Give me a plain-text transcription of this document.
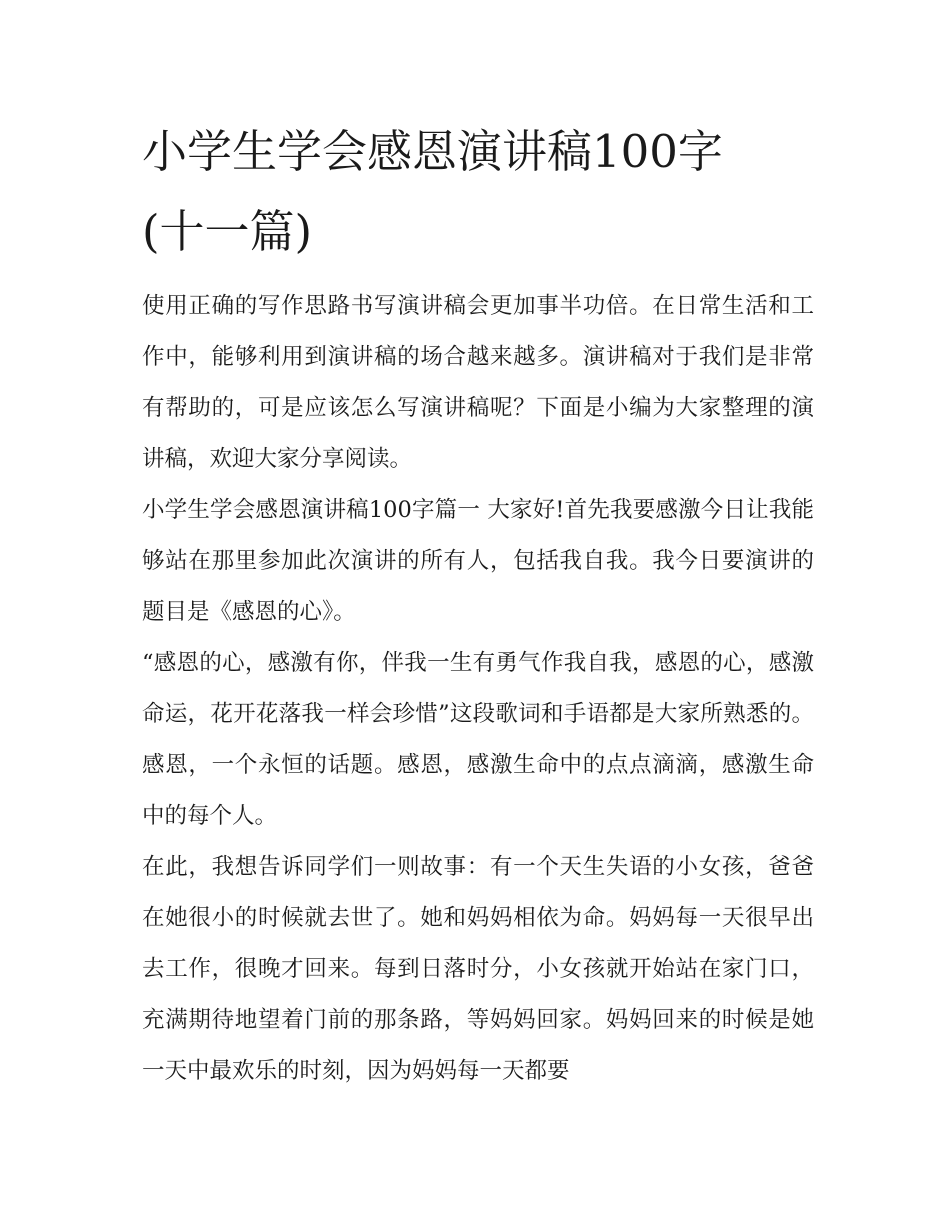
小学生学会感恩演讲稿100字
(十一篇)

使用正确的写作思路书写演讲稿会更加事半功倍。在日常生活和工作中，能够利用到演讲稿的场合越来越多。演讲稿对于我们是非常有帮助的，可是应该怎么写演讲稿呢？下面是小编为大家整理的演讲稿，欢迎大家分享阅读。

小学生学会感恩演讲稿100字篇一 大家好!首先我要感激今日让我能够站在那里参加此次演讲的所有人，包括我自我。我今日要演讲的题目是《感恩的心》。

“感恩的心，感激有你，伴我一生有勇气作我自我，感恩的心，感激命运，花开花落我一样会珍惜”这段歌词和手语都是大家所熟悉的。感恩，一个永恒的话题。感恩，感激生命中的点点滴滴，感激生命中的每个人。

在此，我想告诉同学们一则故事：有一个天生失语的小女孩，爸爸在她很小的时候就去世了。她和妈妈相依为命。妈妈每一天很早出去工作，很晚才回来。每到日落时分，小女孩就开始站在家门口，充满期待地望着门前的那条路，等妈妈回家。妈妈回来的时候是她一天中最欢乐的时刻，因为妈妈每一天都要
